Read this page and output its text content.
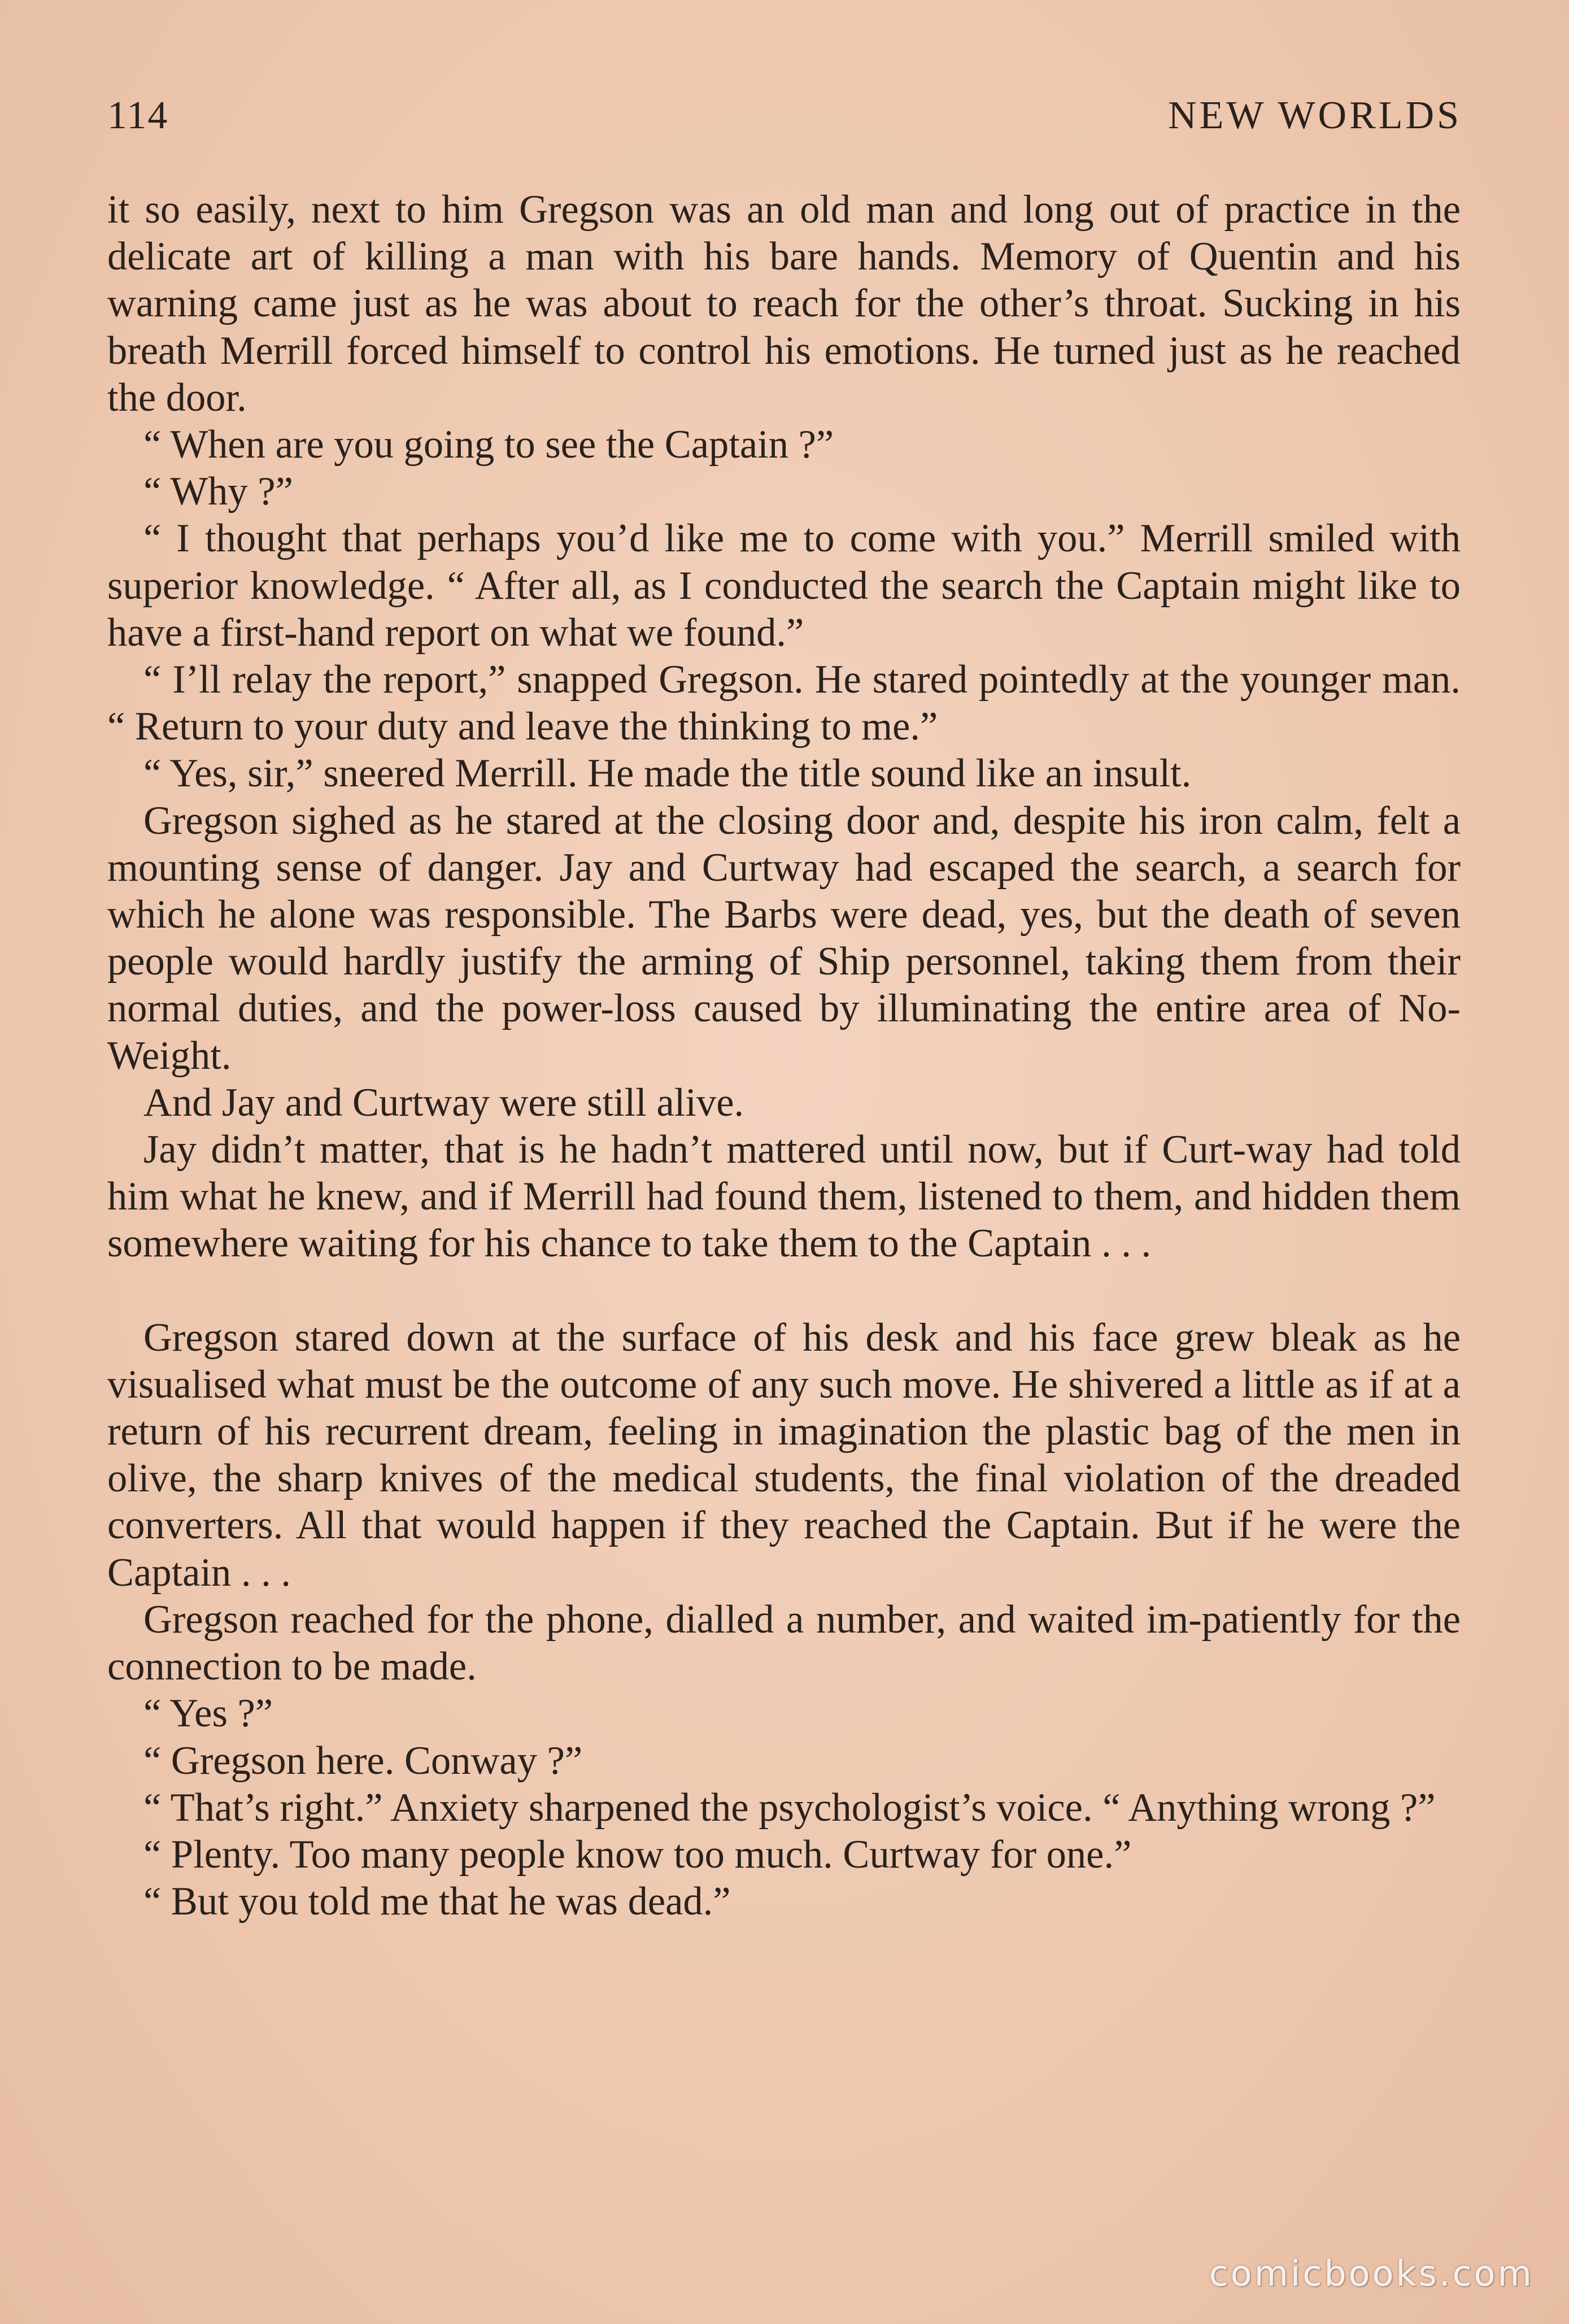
114	NEW WORLDS

it so easily, next to him Gregson was an old man and long out of practice in the delicate art of killing a man with his bare hands. Memory of Quentin and his warning came just as he was about to reach for the other’s throat. Sucking in his breath Merrill forced himself to control his emotions. He turned just as he reached the door.

“ When are you going to see the Captain ?”

“ Why ?”

“ I thought that perhaps you’d like me to come with you.” Merrill smiled with superior knowledge. “ After all, as I conducted the search the Captain might like to have a first-hand report on what we found.”

“ I’ll relay the report,” snapped Gregson. He stared pointedly at the younger man. “ Return to your duty and leave the thinking to me.”

“ Yes, sir,” sneered Merrill. He made the title sound like an insult.

Gregson sighed as he stared at the closing door and, despite his iron calm, felt a mounting sense of danger. Jay and Curtway had escaped the search, a search for which he alone was responsible. The Barbs were dead, yes, but the death of seven people would hardly justify the arming of Ship personnel, taking them from their normal duties, and the power-loss caused by illuminating the entire area of No-Weight.

And Jay and Curtway were still alive.

Jay didn’t matter, that is he hadn’t mattered until now, but if Curt-way had told him what he knew, and if Merrill had found them, listened to them, and hidden them somewhere waiting for his chance to take them to the Captain . . .

Gregson stared down at the surface of his desk and his face grew bleak as he visualised what must be the outcome of any such move. He shivered a little as if at a return of his recurrent dream, feeling in imagination the plastic bag of the men in olive, the sharp knives of the medical students, the final violation of the dreaded converters. All that would happen if they reached the Captain. But if he were the Captain . . .

Gregson reached for the phone, dialled a number, and waited im-patiently for the connection to be made.

“ Yes ?”

“ Gregson here. Conway ?”

“ That’s right.” Anxiety sharpened the psychologist’s voice. “ Anything wrong ?”

“ Plenty. Too many people know too much. Curtway for one.”

“ But you told me that he was dead.”

comicbooks.com
